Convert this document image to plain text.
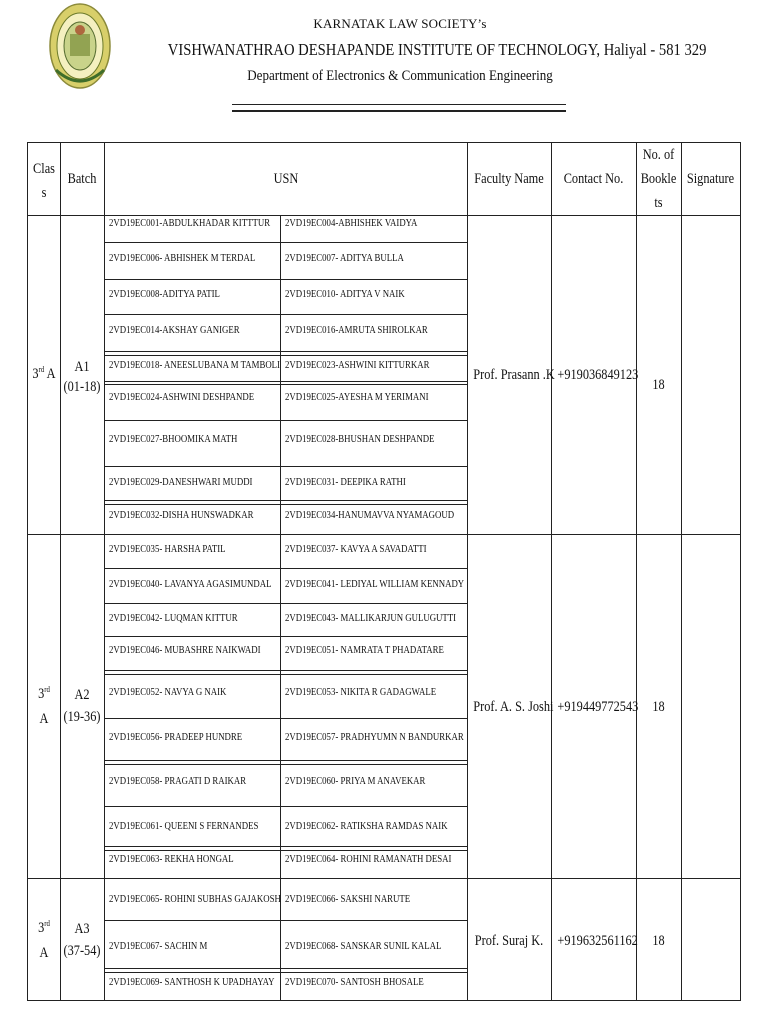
KARNATAK LAW SOCIETY’s
VISHWANATHRAO DESHAPANDE INSTITUTE OF TECHNOLOGY, Haliyal - 581 329
Department of Electronics & Communication Engineering
Clas
s
Batch	USN	Faculty Name	Contact No.
No. of
Bookle
ts
Signature
3rd A	A1
(01-18)
Prof. Prasann .K +919036849123
18
2VD19EC001-ABDULKHADAR KITTTUR 2VD19EC004-ABHISHEK VAIDYA
2VD19EC006- ABHISHEK M TERDAL	2VD19EC007- ADITYA BULLA
2VD19EC008-ADITYA PATIL	2VD19EC010- ADITYA V NAIK
2VD19EC014-AKSHAY GANIGER	2VD19EC016-AMRUTA SHIROLKAR
2VD19EC018- ANEESLUBANA M TAMBOLI 2VD19EC023-ASHWINI KITTURKAR
2VD19EC024-ASHWINI DESHPANDE	2VD19EC025-AYESHA M YERIMANI
2VD19EC027-BHOOMIKA MATH	2VD19EC028-BHUSHAN DESHPANDE
2VD19EC029-DANESHWARI MUDDI	2VD19EC031- DEEPIKA RATHI
2VD19EC032-DISHA HUNSWADKAR	2VD19EC034-HANUMAVVA NYAMAGOUD
3rd
A
A2
(19-36)
Prof. A. S. Joshi +919449772543 18
2VD19EC035- HARSHA PATIL	2VD19EC037- KAVYA A SAVADATTI
2VD19EC040- LAVANYA AGASIMUNDAL 2VD19EC041- LEDIYAL WILLIAM KENNADY
2VD19EC042- LUQMAN KITTUR	2VD19EC043- MALLIKARJUN GULUGUTTI
2VD19EC046- MUBASHRE NAIKWADI 2VD19EC051- NAMRATA T PHADATARE
2VD19EC052- NAVYA G NAIK	2VD19EC053- NIKITA R GADAGWALE
2VD19EC056- PRADEEP HUNDRE	2VD19EC057- PRADHYUMN N BANDURKAR
2VD19EC058- PRAGATI D RAIKAR	2VD19EC060- PRIYA M ANAVEKAR
2VD19EC061- QUEENI S FERNANDES	2VD19EC062- RATIKSHA RAMDAS NAIK
2VD19EC063- REKHA HONGAL	2VD19EC064- ROHINI RAMANATH DESAI
3rd
A
A3
(37-54)
Prof. Suraj K. +919632561162	18
2VD19EC065- ROHINI SUBHAS GAJAKOSH 2VD19EC066- SAKSHI NARUTE
2VD19EC067- SACHIN M	2VD19EC068- SANSKAR SUNIL KALAL
2VD19EC069- SANTHOSH K UPADHAYAY 2VD19EC070- SANTOSH BHOSALE
